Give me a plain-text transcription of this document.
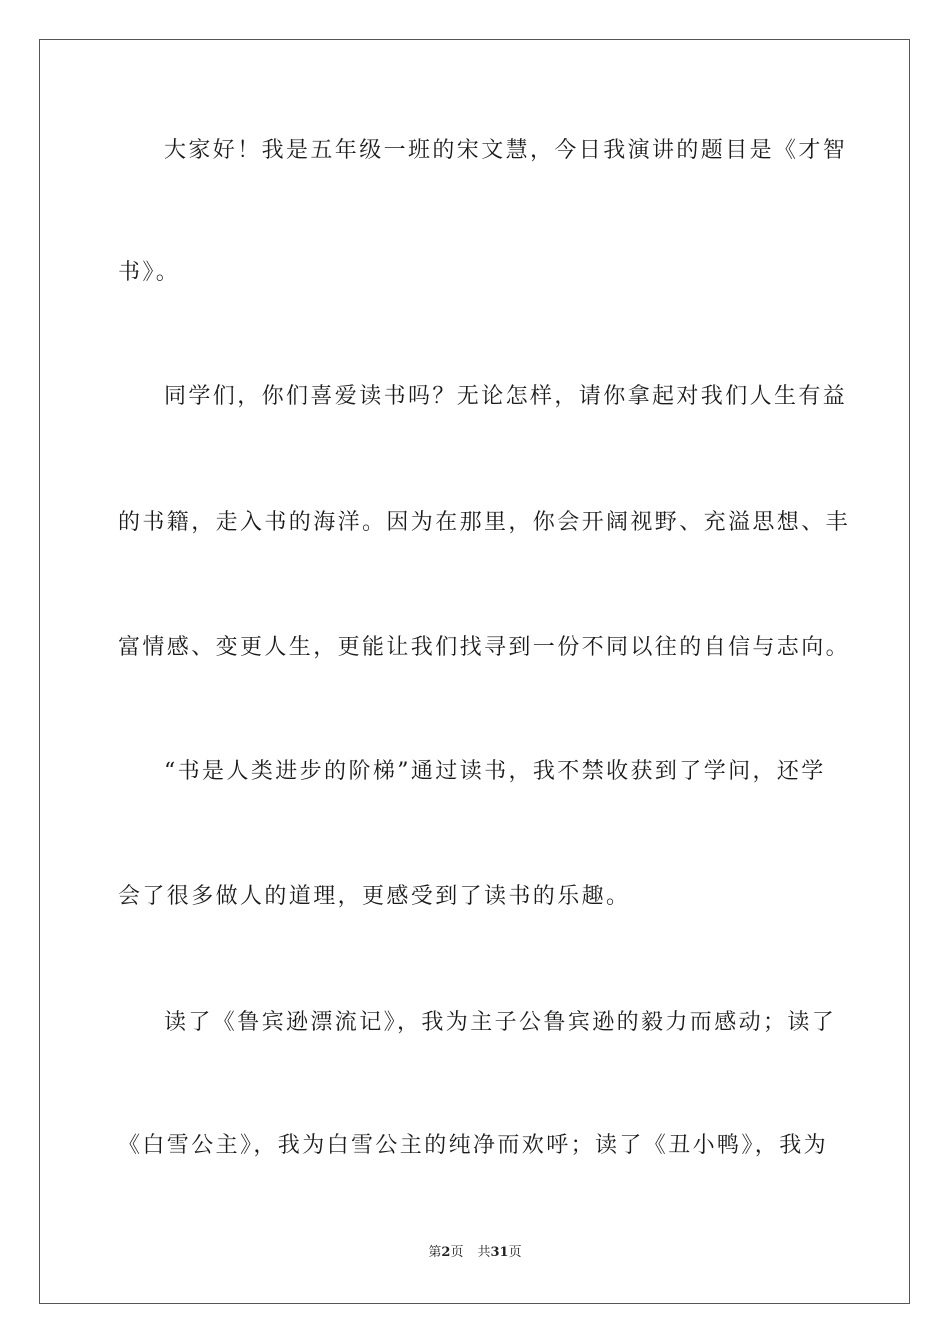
大家好！我是五年级一班的宋文慧，今日我演讲的题目是《才智
书》。
同学们，你们喜爱读书吗？无论怎样，请你拿起对我们人生有益
的书籍，走入书的海洋。因为在那里，你会开阔视野、充溢思想、丰
富情感、变更人生，更能让我们找寻到一份不同以往的自信与志向。
“书是人类进步的阶梯”通过读书，我不禁收获到了学问，还学
会了很多做人的道理，更感受到了读书的乐趣。
读了《鲁宾逊漂流记》，我为主子公鲁宾逊的毅力而感动；读了
《白雪公主》，我为白雪公主的纯净而欢呼；读了《丑小鸭》，我为
第2页 共31页
